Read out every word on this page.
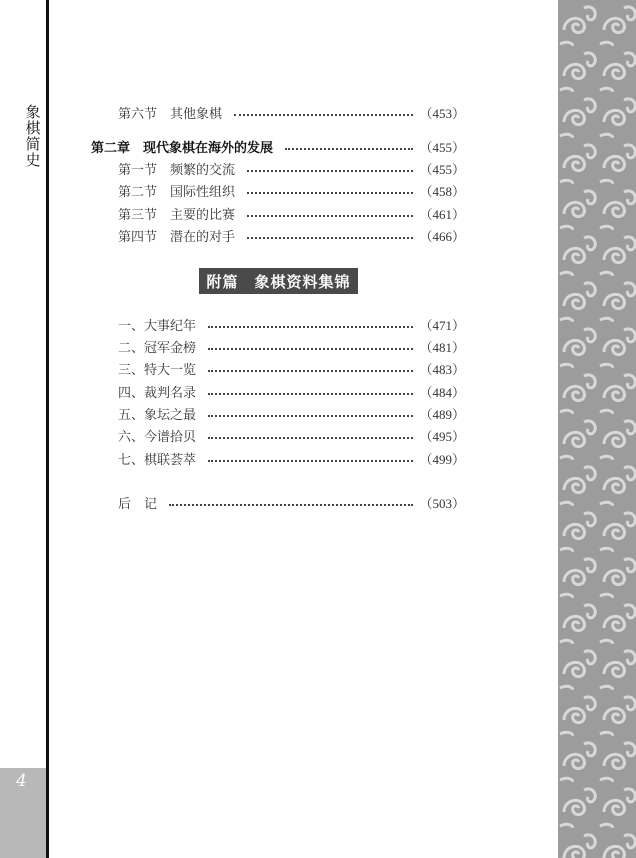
象棋简史
4
第六节　其他象棋	（453）
第二章　现代象棋在海外的发展	（455）
第一节　频繁的交流	（455）
第二节　国际性组织	（458）
第三节　主要的比赛	（461）
第四节　潜在的对手	（466）
附篇　象棋资料集锦
一、大事纪年	（471）
二、冠军金榜	（481）
三、特大一览	（483）
四、裁判名录	（484）
五、象坛之最	（489）
六、今谱拾贝	（495）
七、棋联荟萃	（499）
后　记	（503）
